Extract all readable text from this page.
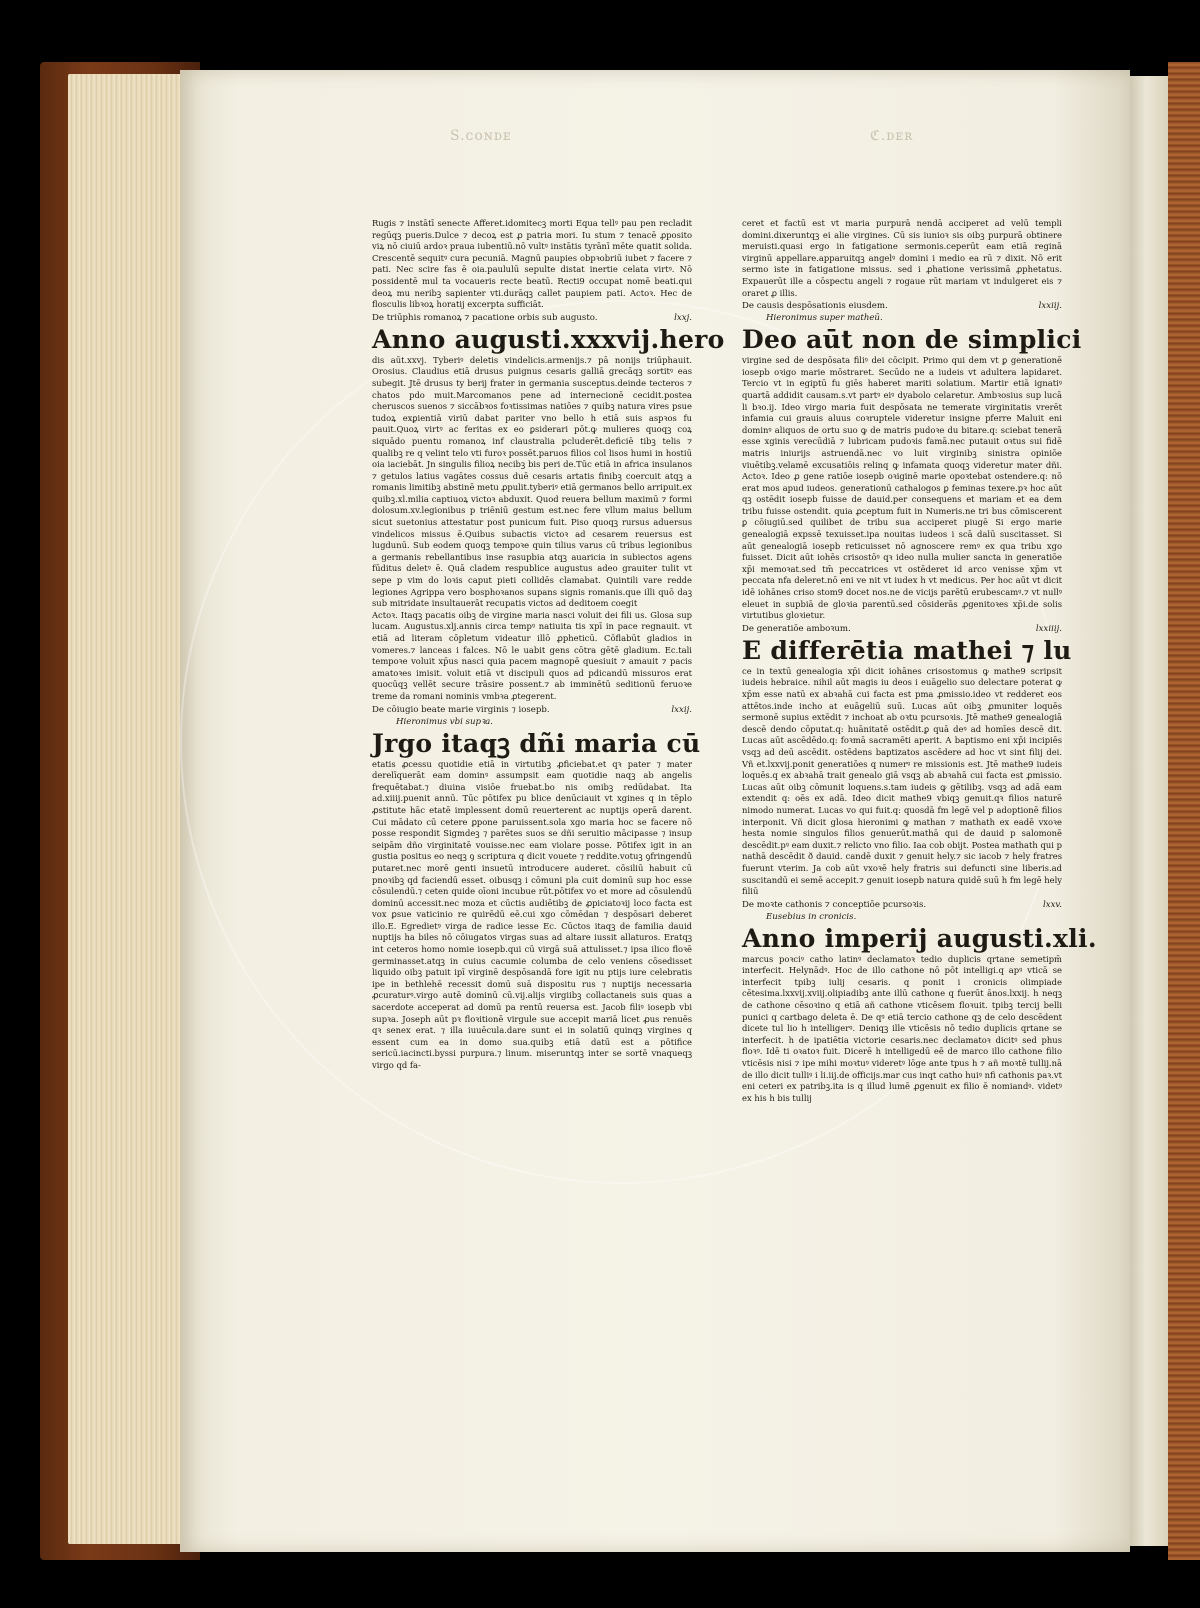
S.ᴄᴏɴᴅᴇ	ℭ.ᴅᴇʀ

Rugis ⁊ instātī senecte Afferet.idomitecꝫ morti Equa tellꝰ pau pen recladit regūqꝫ pueris.Dulce ⁊ decoꝝ est ꝓ patria mori. Iu stum ⁊ tenacē ꝓposito viꝝ nō ciuiū ardoꝛ praua iubentiū.nō vultꝰ instātis tyrānī mēte quatit solida. Crescentē sequitꝰ cura pecuniā. Magnū paupies obpꝛobriū iubet ⁊ facere ⁊ pati. Nec scire fas ē oia.paululū sepulte distat inertie celata virtꝰ. Nō possidentē mul ta vocaueris recte beatū. Recti9 occupat nomē beati.qui deoꝝ mu neribꝫ sapienter vti.durāqꝫ callet paupiem pati. Actoꝛ. Hec de flosculis libꝛoꝝ horatij excerpta sufficiāt.

De triūphis romanoꝝ ⁊ pacatione orbis sub augusto.	lxxj.
Anno augusti.xxxvij.hero

dis aūt.xxvj. Tyberiꝰ deletis vindelicis.armenijs.⁊ pā nonijs triūphauit. Orosius. Claudius etiā drusus puignus cesaris galliā grecāqꝫ sortitꝰ eas subegit. Jtē drusus ty berij frater in germania susceptus.deinde tecteros ⁊ chatos pdo muit.Marcomanos pene ad internecionē cecidit.postea cheruscos suenos ⁊ siccābꝛos foꝛtissimas natiōes ⁊ quibꝫ natura vires psue tudoꝝ exꝑientiā viriū dabat pariter vno bello h etiā suis aspꝛos fu pauit.Quoꝝ virtꝰ ac feritas ex eo ꝑsiderari pōt.ꝙ mulieres quoqꝫ coꝝ siquādo puentu romanoꝝ inf claustralia pcluderēt.deficiē tibꝫ telis ⁊ qualibꝫ re q velint telo vti furoꝛ possēt.paruos filios col lisos humi in hostiū oia iaciebāt. Jn singulis filioꝝ necibꝫ bis peri de.Tūc etiā in africa insulanos ⁊ getulos latius vagātes cossus duē cesaris artatis finibꝫ coercuit atqꝫ a romanis limitibꝫ abstinē metu ꝓpulit.tyberiꝰ etiā germanos bello arripuit.ex quibꝫ.xl.milia captiuoꝝ victoꝛ abduxit. Quod reuera bellum maximū ⁊ formi dolosum.xv.legionibus p triēniū gestum est.nec fere vllum maius bellum sicut suetonius attestatur post punicum fuit. Piso quoqꝫ rursus aduersus vindelicos missus ē.Quibus subactis victoꝛ ad cesarem reuersus est lugdunū. Sub eodem quoqꝫ tempoꝛe quin tilius varus cū tribus legionibus a germanis rebellantibus inse rasupbia atqꝫ auaricia in subiectos agens fūditus deletꝰ ē. Quā cladem respublice augustus adeo grauiter tulit vt sepe p vim do loꝛis caput pieti collidēs clamabat. Quintili vare redde legiones Agrippa vero bosphoꝛanos supans signis romanis.que illi quō daꝫ sub mitridate insultauerāt recupatis victos ad deditoem coegit

Actoꝛ. Itaqꝫ pacatis oibꝫ de virgine maria nasci voluit dei fili us. Glosa sup lucam. Augustus.xlj.annis circa tempꝰ natiuita tis xpī in pace regnauit. vt etiā ad literam cōpletum videatur illō ꝓpheticū. Cōflabūt gladios in vomeres.⁊ lanceas i falces. Nō le uabit gens cōtra gētē gladium. Ec.tali tempoꝛe voluit xp̄us nasci quia pacem magnopē quesiuit ⁊ amauit ⁊ pacis amatoꝛes imisit. voluit etiā vt discipuli quos ad pdicandū missuros erat quocūqꝫ vellēt secure trāsire possent.⁊ ab imminētū seditionū feruoꝛe treme da romani nominis vmbꝛa ꝓtegerent.

De cōiugio beate marie virginis ⁊ iosepb.	lxxij.
Hieronimus vbi supꝛa.
Jrgo itaqꝫ dñi maria cū

etatis ꝓcessu quotidie etiā in virtutibꝫ ꝓficiebat.et qꝛ pater ⁊ mater derelīquerāt eam dominꝰ assumpsit eam quotidie naqꝫ ab angelis frequētabat.⁊ diuina visiōe fruebat.bo nis omibꝫ redūdabat. Ita ad.xiiij.puenit annū. Tūc pōtifex pu blice denūciauit vt xgines q in tēplo ꝓstitute hāc etatē implessent domū reuerterent ac nuptijs operā darent. Cui mādato cū cetere ꝑpone paruissent.sola xgo maria hoc se facere nō posse respondit Sigmdeꝫ ⁊ parētes suos se dñi seruitio mācipasse ⁊ insup seipām dño virginitatē vouisse.nec eam violare posse. Pōtifex igit in an gustia positus eo neqꝫ ꝯ scriptura q dicit vouete ⁊ reddite.votuꝫ ꝯfringendū putaret.nec morē genti insuetū introducere auderet. cōsiliū habuit cū pnoꝛibꝫ qd faciendū esset. oibusqꝫ i cōmuni pla cuit dominū sup hoc esse cōsulendū.⁊ ceten quide oīoni incubue rūt.pōtifex vo et more ad cōsulendū dominū accessit.nec moza et cūctis audiētibꝫ de ꝓpiciatoꝛij loco facta est vox ꝑsue vaticinio re quirēdū eē.cui xgo cōmēdan ⁊ despōsari deberet illo.E. Egredietꝰ virga de radice iesse Ec. Cūctos itaqꝫ de familia dauid nuptijs ha biles nō cōiugatos virgas suas ad altare iussit allaturos. Eratqꝫ int ceteros homo nomie iosepb.qui cū virgā suā attulisset.⁊ ipsa ilico floꝛē germinasset.atqꝫ in cuius cacumie columba de celo veniens cōsedisset liquido oibꝫ patuit ipī virginē despōsandā fore igit nu ptijs iure celebratis ipe in bethlehē recessit domū suā dispositu rus ⁊ nuptijs necessaria ꝓcuraturꝰ.virgo autē dominū cū.vij.alijs virgiibꝫ collactaneis suis quas a sacerdote acceperat ad domū pa rentū reuersa est. Jacob filiꝰ iosepb vbi supꝛa. Joseph aūt pꝛ floꝛitionē virgule sue accepit mariā licet ꝓus renuēs qꝛ senex erat. ⁊ illa iuuēcula.dare sunt ei in solatiū quinqꝫ virgines q essent cum ea in domo sua.quibꝫ etiā datū est a pōtifice sericū.iacincti.byssi purpura.⁊ linum. miseruntqꝫ inter se sortē vnaqueqꝫ virgo qd fa-

ceret et factū est vt maria purpurā nendā acciperet ad velū templi domini.dixeruntqꝫ ei alie virgines. Cū sis iunioꝛ sis oibꝫ purpurā obtinere meruisti.quasi ergo in fatigatione sermonis.ceperūt eam etiā reginā virginū appellare.apparuitqꝫ angelꝰ domini i medio ea rū ⁊ dixit. Nō erit sermo iste in fatigatione missus. sed i ꝓhatione verissimā ꝓphetatus. Expauerūt ille a cōspectu angeli ⁊ rogaue rūt mariam vt indulgeret eis ⁊ oraret ꝓ illis.

De causis despōsationis eiusdem.	lxxiij.
Hieronimus super matheū.
Deo aūt non de simplici

virgine sed de despōsata filiꝰ dei cōcipit. Primo qui dem vt ꝑ generationē iosepb oꝛigo marie mōstraret. Secūdo ne a iudeis vt adultera lapidaret. Tercio vt in egiptū fu giēs haberet mariti solatium. Martir etiā ignatiꝰ quartā addidit causam.s.vt partꝰ eiꝰ dyabolo celaretur. Ambꝛosius sup lucā li bꝛo.ij. Ideo virgo maria fuit despōsata ne temerate virginitatis vrerēt infamia cui grauis aluus coꝛruptele videretur insigne pferre Maluit eni dominꝰ aliquos de ortu suo ꝙ de matris pudoꝛe du bitare.q: sciebat tenerā esse xginis verecūdiā ⁊ lubricam pudoꝛis famā.nec putauit oꝛtus sui fidē matris iniurijs astruendā.nec vo luit virginibꝫ sinistra opiniōe viuētibꝫ.velamē excusatiōis relinq ꝙ infamata quoqꝫ videretur mater dñi. Actoꝛ. Ideo ꝓ gene ratiōe iosepb oꝛiginē marie opoꝛtebat ostendere.q: nō erat mos apud iudeos. generationū cathalogos ꝑ feminas texere.pꝛ hoc aūt qꝫ ostēdit iosepb fuisse de dauid.per consequens et mariam et ea dem tribu fuisse ostendit. quia ꝓceptum fuit in Numeris.ne tri bus cōmiscerent ꝑ cōiugiū.sed quilibet de tribu sua acciperet piugē Si ergo marie genealogiā expssē texuisset.ipa nouitas iudeos i scā dalū suscitasset. Si aūt genealogiā iosepb reticuisset nō agnoscere remꝰ ex qua tribu xgo fuisset. Dicit aūt iohēs crisostōꝰ qꝛ ideo nulla mulier sancta in generatiōe xp̄i memoꝛat.sed tm̄ peccatrices vt ostēderet id arco venisse xp̄m vt peccata nfa deleret.nō eni ve nit vt iudex h vt medicus. Per hoc aūt vt dicit idē iohānes criso stom9 docet nos.ne de vicijs parētū erubescamꝰ.⁊ vt nullꝰ eleuet in supbiā de gloꝛia parentū.sed cōsiderās ꝓgenitoꝛes xp̄i.de solis virtutibus gloꝛietur.

De generatiōe amboꝛum.	lxxiiij.
E differētia mathei ⁊ lu

ce in textū genealogia xp̄i dicit iohānes crisostomus ꝙ mathe9 scripsit iudeis hebraice. nihil aūt magis iu deos i euāgelio suo delectare poterat ꝙ xp̄m esse natū ex abꝛahā cui facta est pma ꝓmissio.ideo vt redderet eos attētos.inde incho at euāgeliū suū. Lucas aūt oibꝫ ꝓmuniter loquēs sermonē supius extēdit ⁊ inchoat ab oꝛtu pcursoꝛis. Jtē mathe9 genealogiā descē dendo cōputat.q: huānitatē ostēdit.ꝑ quā deꝰ ad homīes descē dit. Lucas aūt ascēdēdo.q: foꝛmā sacramēti aperit. A baptismo eni xp̄i incipiēs vsqꝫ ad deū ascēdit. ostēdens baptizatos ascēdere ad hoc vt sint filij dei. Vñ et.lxxvij.ponit generatiōes q numerꝰ re missionis est. Jtē mathe9 iudeis loquēs.q ex abꝛahā trait genealo giā vsqꝫ ab abꝛahā cui facta est ꝓmissio. Lucas aūt oibꝫ cōmunit loquens.s.tam iudeis ꝙ gētilibꝫ. vsqꝫ ad adā eam extendit q: oēs ex adā. Ideo dicit mathe9 vbiqꝫ genuit.qꝛ filios naturē nimodo numerat. Lucas vo qui fuit.q: quosdā fm legē vel p adoptionē filios interponit. Vñ dicit glosa hieronimi ꝙ mathan ⁊ mathath ex eadē vxoꝛe hesta nomie singulos filios genuerūt.mathā qui de dauid p salomonē descēdit.pꝰ eam duxit.⁊ relicto vno filio. Iaa cob obijt. Postea mathath qui p nathā descēdit ð dauid. candē duxit ⁊ genuit hely.⁊ sic iacob ⁊ hely fratres fuerunt vterim. Ja cob aūt vxoꝛē hely fratris sui defuncti sine liberis.ad suscitandū ei semē accepit.⁊ genuit iosepb natura quidē suū h fm legē hely filiū

De moꝛte cathonis ⁊ conceptiōe pcursoꝛis.	lxxv.
Eusebius in cronicis.
Anno imperij augusti.xli.

marcus poꝛciꝰ catho latinꝰ declamatoꝛ tedio duplicis qrtane semetipm̄ interfecit. Helynādꝰ. Hoc de illo cathone nō pōt intelligi.q apꝰ vticā se interfecit tpibꝫ iulij cesaris. q ponit i cronicis olimpiade cētesima.lxxvij.xviij.olipiadibꝫ ante illū cathone q fuerūt ānos.lxxij. h neqꝫ de cathone cēsoꝛino q etiā añ cathone vticēsem floꝛuit. tpibꝫ tercij belli punici q cartbago deleta ē. De qꝰ etiā tercio cathone qꝫ de celo descēdent dicete tul lio h intelligerꝰ. Deniqꝫ ille vticēsis nō tedio duplicis qrtane se interfecit. h de ipatiētia victorie cesaris.nec declamatoꝛ dicitꝰ sed phus floꝛꝰ. Idē ti oꝛatoꝛ fuit. Dicerē h intelligedū eē de marco illo cathone filio vticēsis nisi ⁊ ipe mihi moꝛtuꝰ videretꝰ lōge ante tpus h ⁊ añ moꝛtē tullij.nā de illo dicit tulliꝰ i li.iij.de officijs.mar cus inqt catho huiꝰ nfi cathonis paꝛ.vt eni ceteri ex patribꝫ.ita is q illud lumē ꝓgenuit ex filio ē nomiandꝰ. videtꝰ ex his h bis tullij
